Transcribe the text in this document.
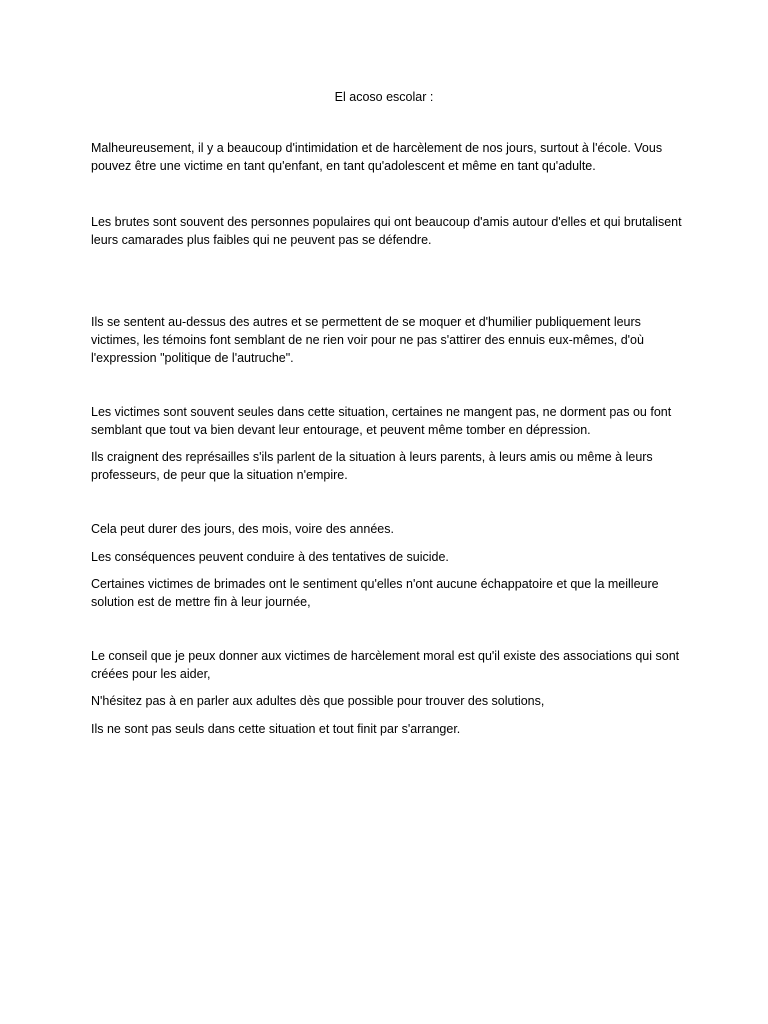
El acoso escolar :

Malheureusement, il y a beaucoup d'intimidation et de harcèlement de nos jours, surtout à l'école. Vous pouvez être une victime en tant qu'enfant, en tant qu'adolescent et même en tant qu'adulte.

Les brutes sont souvent des personnes populaires qui ont beaucoup d'amis autour d'elles et qui brutalisent leurs camarades plus faibles qui ne peuvent pas se défendre.

Ils se sentent au-dessus des autres et se permettent de se moquer et d'humilier publiquement leurs victimes, les témoins font semblant de ne rien voir pour ne pas s'attirer des ennuis eux-mêmes, d'où l'expression "politique de l'autruche".

Les victimes sont souvent seules dans cette situation, certaines ne mangent pas, ne dorment pas ou font semblant que tout va bien devant leur entourage, et peuvent même tomber en dépression.

Ils craignent des représailles s'ils parlent de la situation à leurs parents, à leurs amis ou même à leurs professeurs, de peur que la situation n'empire.

Cela peut durer des jours, des mois, voire des années.

Les conséquences peuvent conduire à des tentatives de suicide.

Certaines victimes de brimades ont le sentiment qu'elles n'ont aucune échappatoire et que la meilleure solution est de mettre fin à leur journée,

Le conseil que je peux donner aux victimes de harcèlement moral est qu'il existe des associations qui sont créées pour les aider,

N'hésitez pas à en parler aux adultes dès que possible pour trouver des solutions,

Ils ne sont pas seuls dans cette situation et tout finit par s'arranger.
